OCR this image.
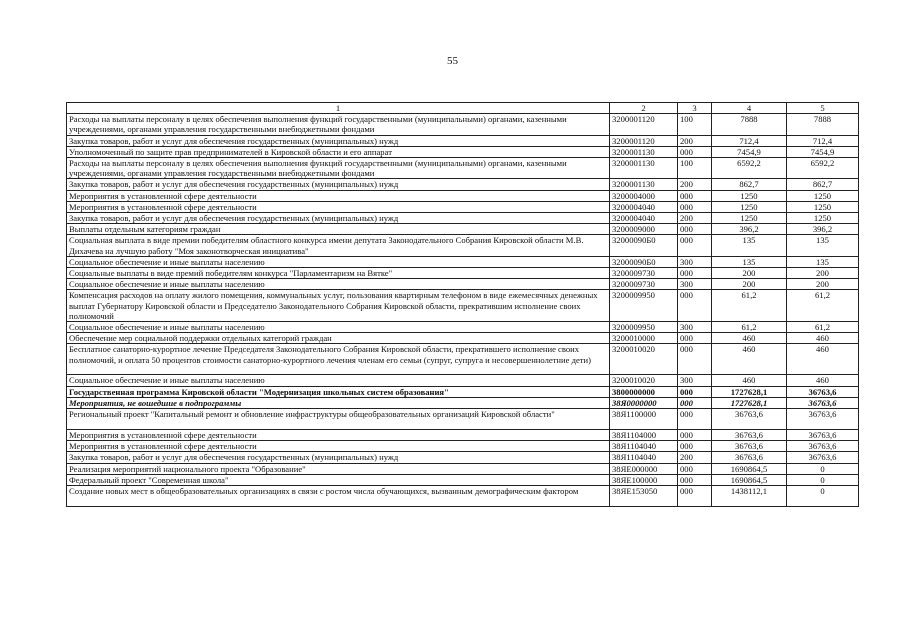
55
1	2	3	4	5
Расходы на выплаты персоналу в целях обеспечения выполнения функций государственными (муниципальными) органами, казенными учреждениями, органами управления государственными внебюджетными фондами	3200001120	100	7888	7888
Закупка товаров, работ и услуг для обеспечения государственных (муниципальных) нужд	3200001120	200	712,4	712,4
Уполномоченный по защите прав предпринимателей в Кировской области и его аппарат	3200001130	000	7454,9	7454,9
Расходы на выплаты персоналу в целях обеспечения выполнения функций государственными (муниципальными) органами, казенными учреждениями, органами управления государственными внебюджетными фондами	3200001130	100	6592,2	6592,2
Закупка товаров, работ и услуг для обеспечения государственных (муниципальных) нужд	3200001130	200	862,7	862,7
Мероприятия в установленной сфере деятельности	3200004000	000	1250	1250
Мероприятия в установленной сфере деятельности	3200004040	000	1250	1250
Закупка товаров, работ и услуг для обеспечения государственных (муниципальных) нужд	3200004040	200	1250	1250
Выплаты отдельным категориям граждан	3200009000	000	396,2	396,2
Социальная выплата в виде премии победителям областного конкурса имени депутата Законодательного Собрания Кировской области М.В. Дихачева на лучшую работу "Моя законотворческая инициатива"	32000090Б0	000	135	135
Социальное обеспечение и иные выплаты населению	32000090Б0	300	135	135
Социальные выплаты в виде премий победителям конкурса "Парламентаризм на Вятке"	3200009730	000	200	200
Социальное обеспечение и иные выплаты населению	3200009730	300	200	200
Компенсация расходов на оплату жилого помещения, коммунальных услуг, пользования квартирным телефоном в виде ежемесячных денежных выплат Губернатору Кировской области и Председателю Законодательного Собрания Кировской области, прекратившим исполнение своих полномочий	3200009950	000	61,2	61,2
Социальное обеспечение и иные выплаты населению	3200009950	300	61,2	61,2
Обеспечение мер социальной поддержки отдельных категорий граждан	3200010000	000	460	460
Бесплатное санаторно-курортное лечение Председателя Законодательного Собрания Кировской области, прекратившего исполнение своих полномочий, и оплата 50 процентов стоимости санаторно-курортного лечения членам его семьи (супруг, супруга и несовершеннолетние дети)	3200010020	000	460	460
Социальное обеспечение и иные выплаты населению	3200010020	300	460	460
Государственная программа Кировской области "Модернизация школьных систем образования"	3800000000	000	1727628,1	36763,6
Мероприятия, не вошедшие в подпрограммы	38Я0000000	000	1727628,1	36763,6
Региональный проект "Капитальный ремонт и обновление инфраструктуры общеобразовательных организаций Кировской области"	38Я1100000	000	36763,6	36763,6
Мероприятия в установленной сфере деятельности	38Я1104000	000	36763,6	36763,6
Мероприятия в установленной сфере деятельности	38Я1104040	000	36763,6	36763,6
Закупка товаров, работ и услуг для обеспечения государственных (муниципальных) нужд	38Я1104040	200	36763,6	36763,6
Реализация мероприятий национального проекта "Образование"	38ЯЕ000000	000	1690864,5	0
Федеральный проект "Современная школа"	38ЯЕ100000	000	1690864,5	0
Создание новых мест в общеобразовательных организациях в связи с ростом числа обучающихся, вызванным демографическим фактором	38ЯЕ153050	000	1438112,1	0
